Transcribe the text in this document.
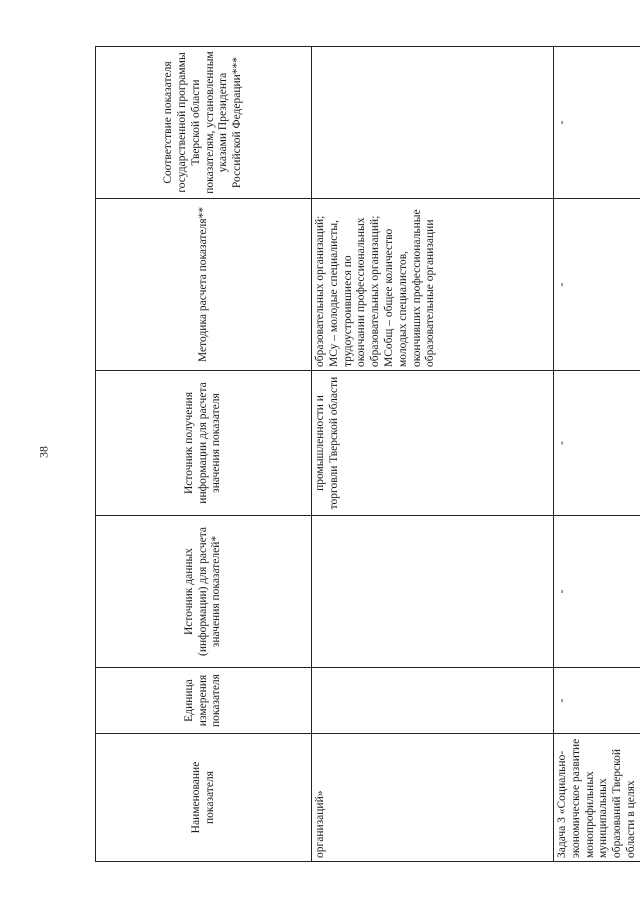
38
Наименование показателя	Единица измерения показателя	Источник данных (информации) для расчета значения показателей*	Источник получения информации для расчета значения показателя	Методика расчета показателя**	Соответствие показателя государственной программы Тверской области показателям, установленным указами Президента Российской Федерации***
организаций»			промышленности и торговли Тверской области	образовательных организаций; МСу – молодые специалисты, трудоустроившиеся по окончании профессиональных образовательных организаций; МСобщ – общее количество молодых специалистов, окончивших профессиональные образовательные организации	
Задача 3 «Социально-экономическое развитие монопрофильных муниципальных образований Тверской области в целях	-	-	-	-	-
